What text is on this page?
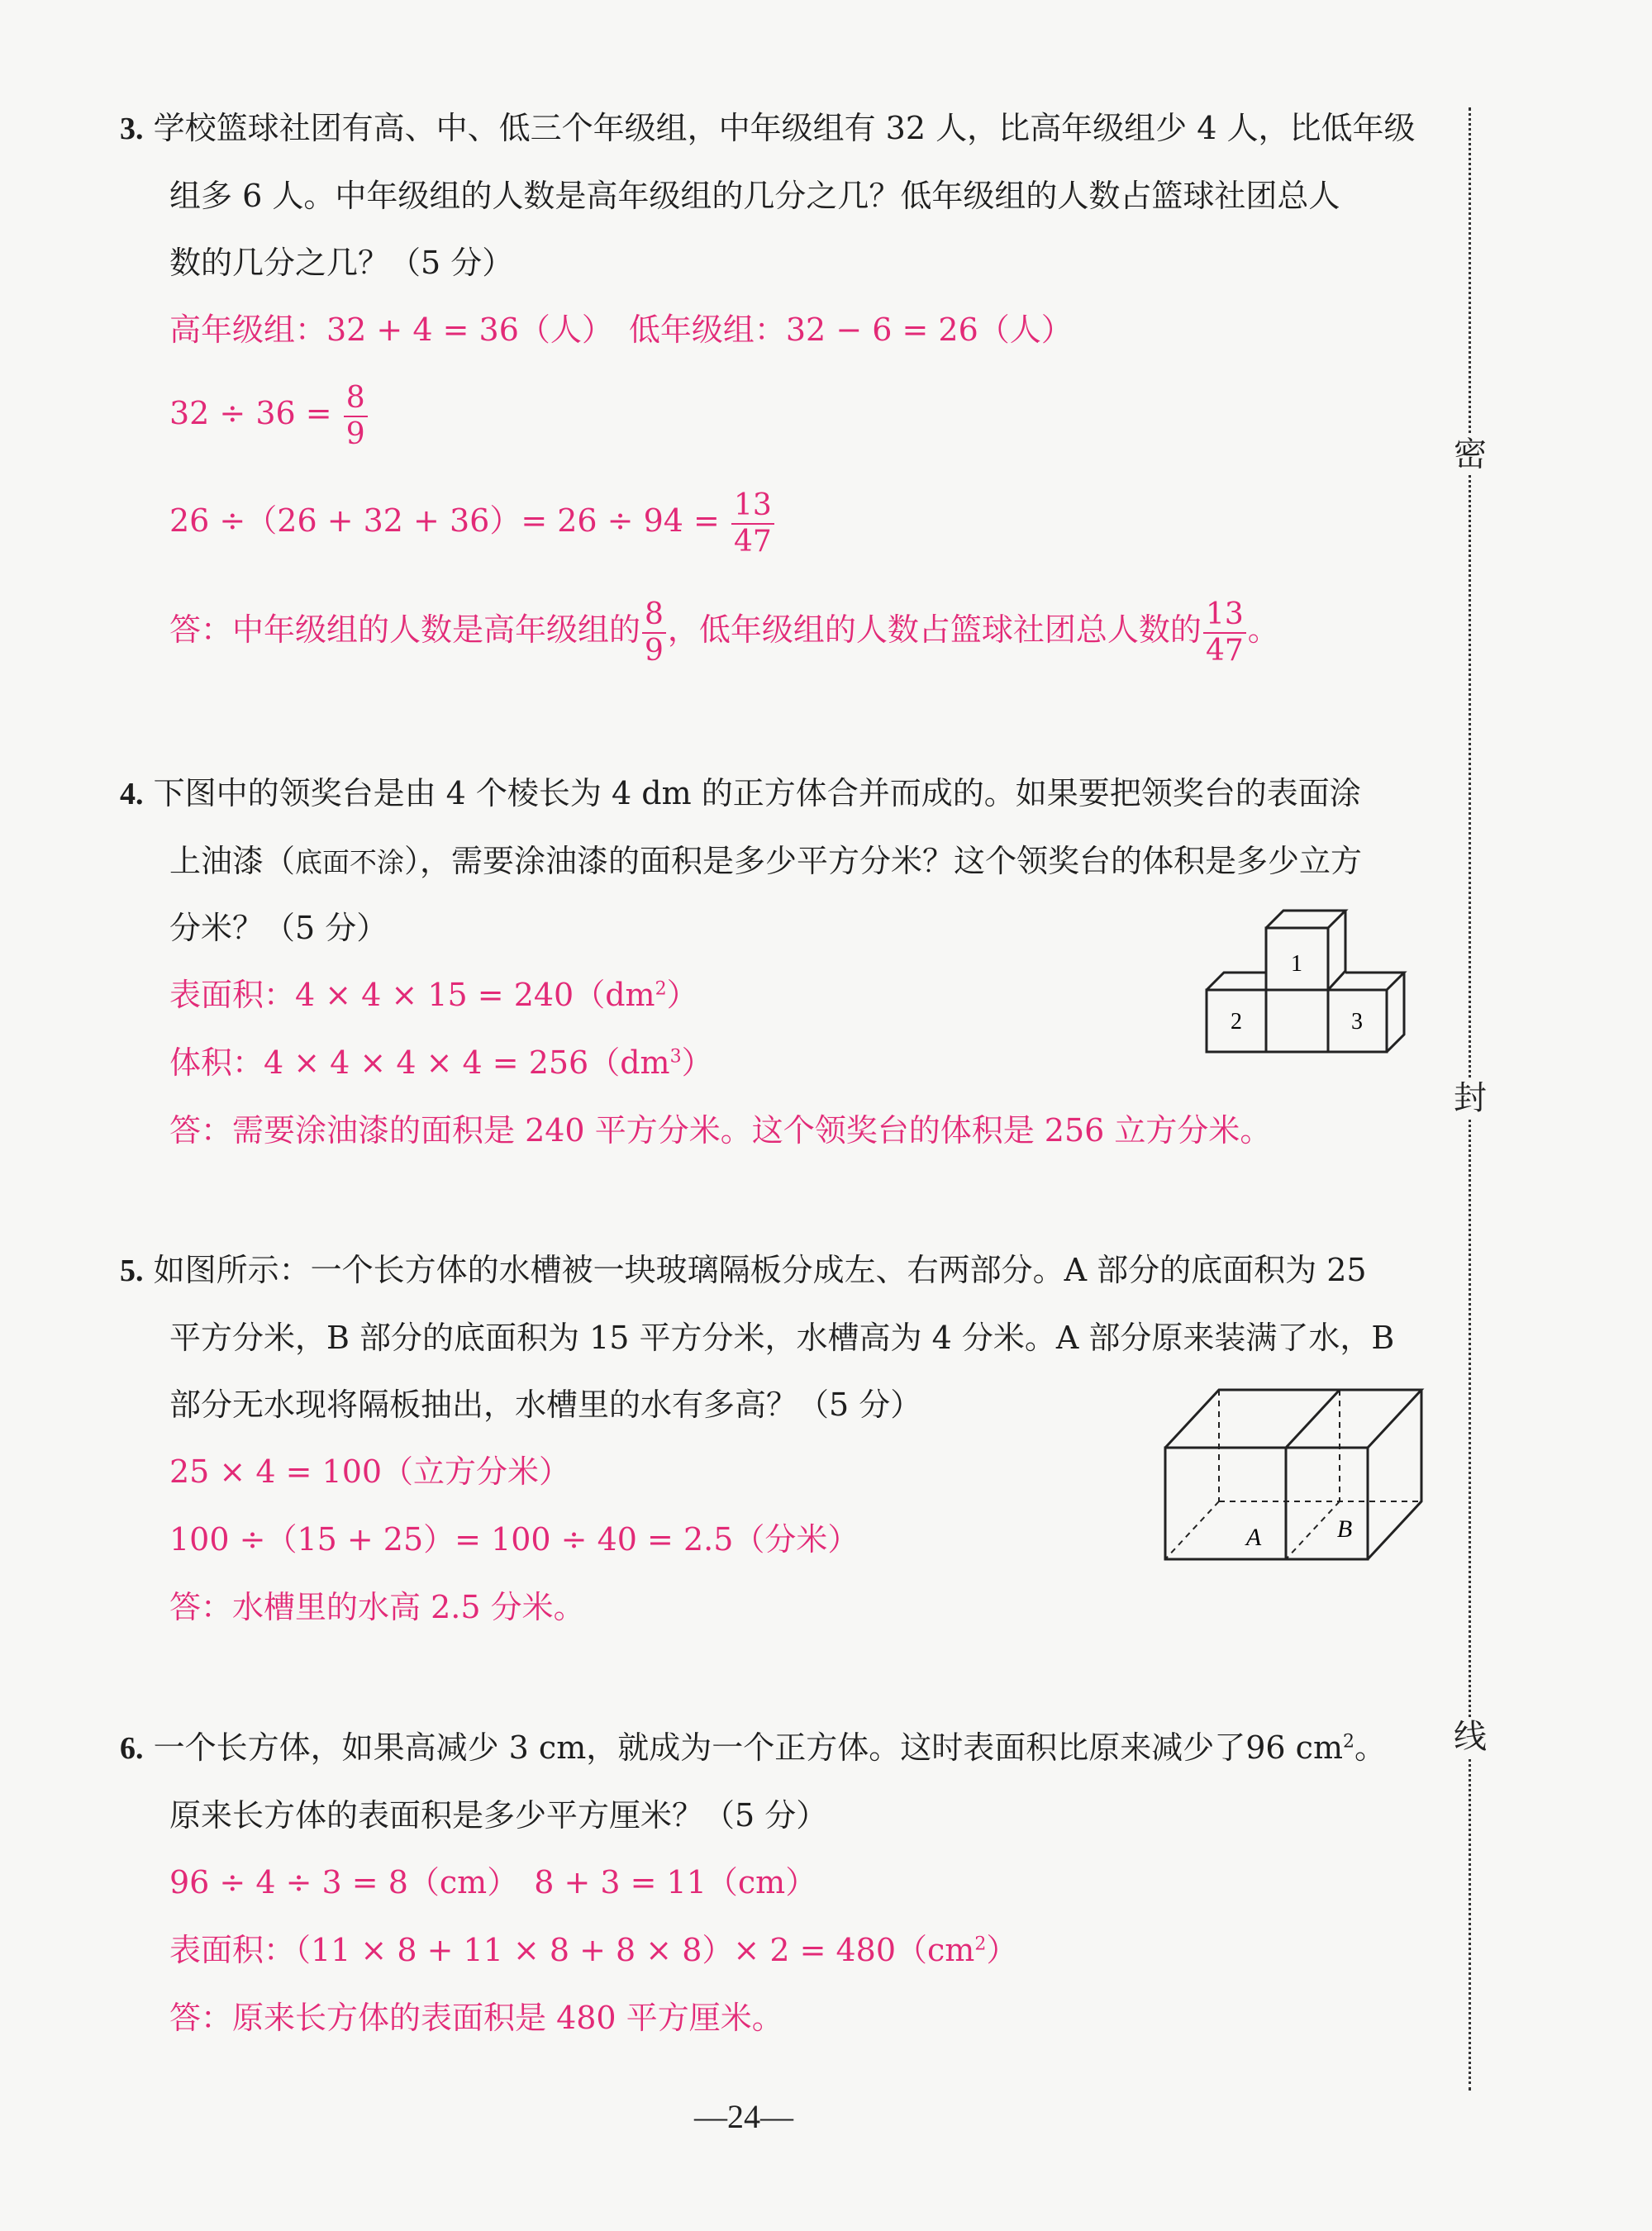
密
封
线
3. 学校篮球社团有高、中、低三个年级组，中年级组有 32 人，比高年级组少 4 人，比低年级
组多 6 人。中年级组的人数是高年级组的几分之几？低年级组的人数占篮球社团总人
数的几分之几？（5 分）
高年级组：32 + 4 = 36（人）　低年级组：32 − 6 = 26（人）
$32 \div 36 = \frac{8}{9}$
$26 \div(26 + 32 + 36)= 26 \div 94 = \frac{13}{47}$
答：中年级组的人数是高年级组的 $\frac{8}{9}$ ，低年级组的人数占篮球社团总人数的 $\frac{13}{47}$ 。
4. 下图中的领奖台是由 4 个棱长为 4 dm 的正方体合并而成的。如果要把领奖台的表面涂
上油漆（底面不涂），需要涂油漆的面积是多少平方分米？这个领奖台的体积是多少立方
分米？（5 分）
表面积：$4 \times 4 \times 15 = 240(dm^2)$
体积：$4 \times 4 \times 4 \times 4 = 256(dm^3)$
答：需要涂油漆的面积是 240 平方分米。这个领奖台的体积是 256 立方分米。
1
2	3
5. 如图所示：一个长方体的水槽被一块玻璃隔板分成左、右两部分。A 部分的底面积为 25
平方分米，B 部分的底面积为 15 平方分米，水槽高为 4 分米。A 部分原来装满了水，B
部分无水现将隔板抽出，水槽里的水有多高？（5 分）
25 × 4 = 100（立方分米）
100 ÷（15 + 25）= 100 ÷ 40 = 2.5（分米）
答：水槽里的水高 2.5 分米。
A	B
6. 一个长方体，如果高减少 3 cm，就成为一个正方体。这时表面积比原来减少了96 $cm^2$。
原来长方体的表面积是多少平方厘米？（5 分）
96 ÷ 4 ÷ 3 = 8（cm）　8 + 3 = 11（cm）
表面积：$(11 \times 8 + 11 \times 8 + 8 \times 8)\times 2 = 480(cm^2)$
答：原来长方体的表面积是 480 平方厘米。
—24—
